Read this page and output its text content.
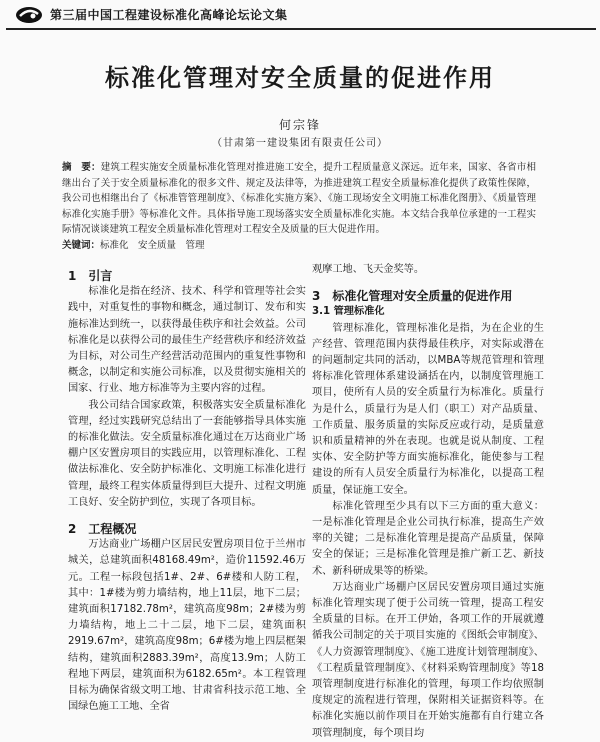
第三届中国工程建设标准化高峰论坛论文集
标准化管理对安全质量的促进作用
何宗锋
（甘肃第一建设集团有限责任公司）
摘　要：建筑工程实施安全质量标准化管理对推进施工安全，提升工程质量意义深远。近年来，国家、各省市相继出台了关于安全质量标准化的很多文件、规定及法律等，为推进建筑工程安全质量标准化提供了政策性保障，我公司也相继出台了《标准管管理制度》、《标准化实施方案》、《施工现场安全文明施工标准化图册》、《质量管理标准化实施手册》等标准化文件。具体指导施工现场落实安全质量标准化实施。本文结合我单位承建的一工程实际情况谈谈建筑工程安全质量标准化管理对工程安全及质量的巨大促进作用。
关键词：标准化　安全质量　管理

1　引言

标准化是指在经济、技术、科学和管理等社会实践中，对重复性的事物和概念，通过制订、发布和实施标准达到统一，以获得最佳秩序和社会效益。公司标准化是以获得公司的最佳生产经营秩序和经济效益为目标，对公司生产经营活动范围内的重复性事物和概念，以制定和实施公司标准，以及贯彻实施相关的国家、行业、地方标准等为主要内容的过程。

我公司结合国家政策，积极落实安全质量标准化管理，经过实践研究总结出了一套能够指导具体实施的标准化做法。安全质量标准化通过在万达商业广场棚户区安置房项目的实践应用，以管理标准化、工程做法标准化、安全防护标准化、文明施工标准化进行管理，最终工程实体质量得到巨大提升、过程文明施工良好、安全防护到位，实现了各项目标。

2　工程概况

万达商业广场棚户区居民安置房项目位于兰州市城关，总建筑面积48168.49m²，造价11592.46万元。工程一标段包括1#、2#、6#楼和人防工程，其中：1#楼为剪力墙结构，地上11层，地下二层；建筑面积17182.78m²，建筑高度98m；2#楼为剪力墙结构，地上二十二层，地下二层，建筑面积2919.67m²，建筑高度98m；6#楼为地上四层框架结构，建筑面积2883.39m²，高度13.9m；人防工程地下两层，建筑面积为6182.65m²。本工程管理目标为确保省级文明工地、甘肃省科技示范工地、全国绿色施工工地、全省

观摩工地、飞天金奖等。

3　标准化管理对安全质量的促进作用

3.1 管理标准化

管理标准化，管理标准化是指，为在企业的生产经营、管理范围内获得最佳秩序，对实际或潜在的问题制定共同的活动，以MBA等规范管理和管理将标准化管理体系建设涵括在内，以制度管理施工项目，使所有人员的安全质量行为标准化。质量行为是什么，质量行为是人们（职工）对产品质量、工作质量、服务质量的实际反应或行动，是质量意识和质量精神的外在表现。也就是说从制度、工程实体、安全防护等方面实施标准化，能使参与工程建设的所有人员安全质量行为标准化，以提高工程质量，保证施工安全。

标准化管理至少具有以下三方面的重大意义：一是标准化管理是企业公司执行标准，提高生产效率的关键；二是标准化管理是提高产品质量，保障安全的保证；三是标准化管理是推广新工艺、新技术、新科研成果等的桥梁。

万达商业广场棚户区居民安置房项目通过实施标准化管理实现了便于公司统一管理，提高工程安全质量的目标。在开工伊始，各项工作的开展就遵循我公司制定的关于项目实施的《图纸会审制度》、《人力资源管理制度》、《施工进度计划管理制度》、《工程质量管理制度》、《材料采购管理制度》等18项管理制度进行标准化的管理，每项工作均依照制度规定的流程进行管理，保附相关证据资料等。在标准化实施以前作项目在开始实施都有自行建立各项管理制度，每个项目均
